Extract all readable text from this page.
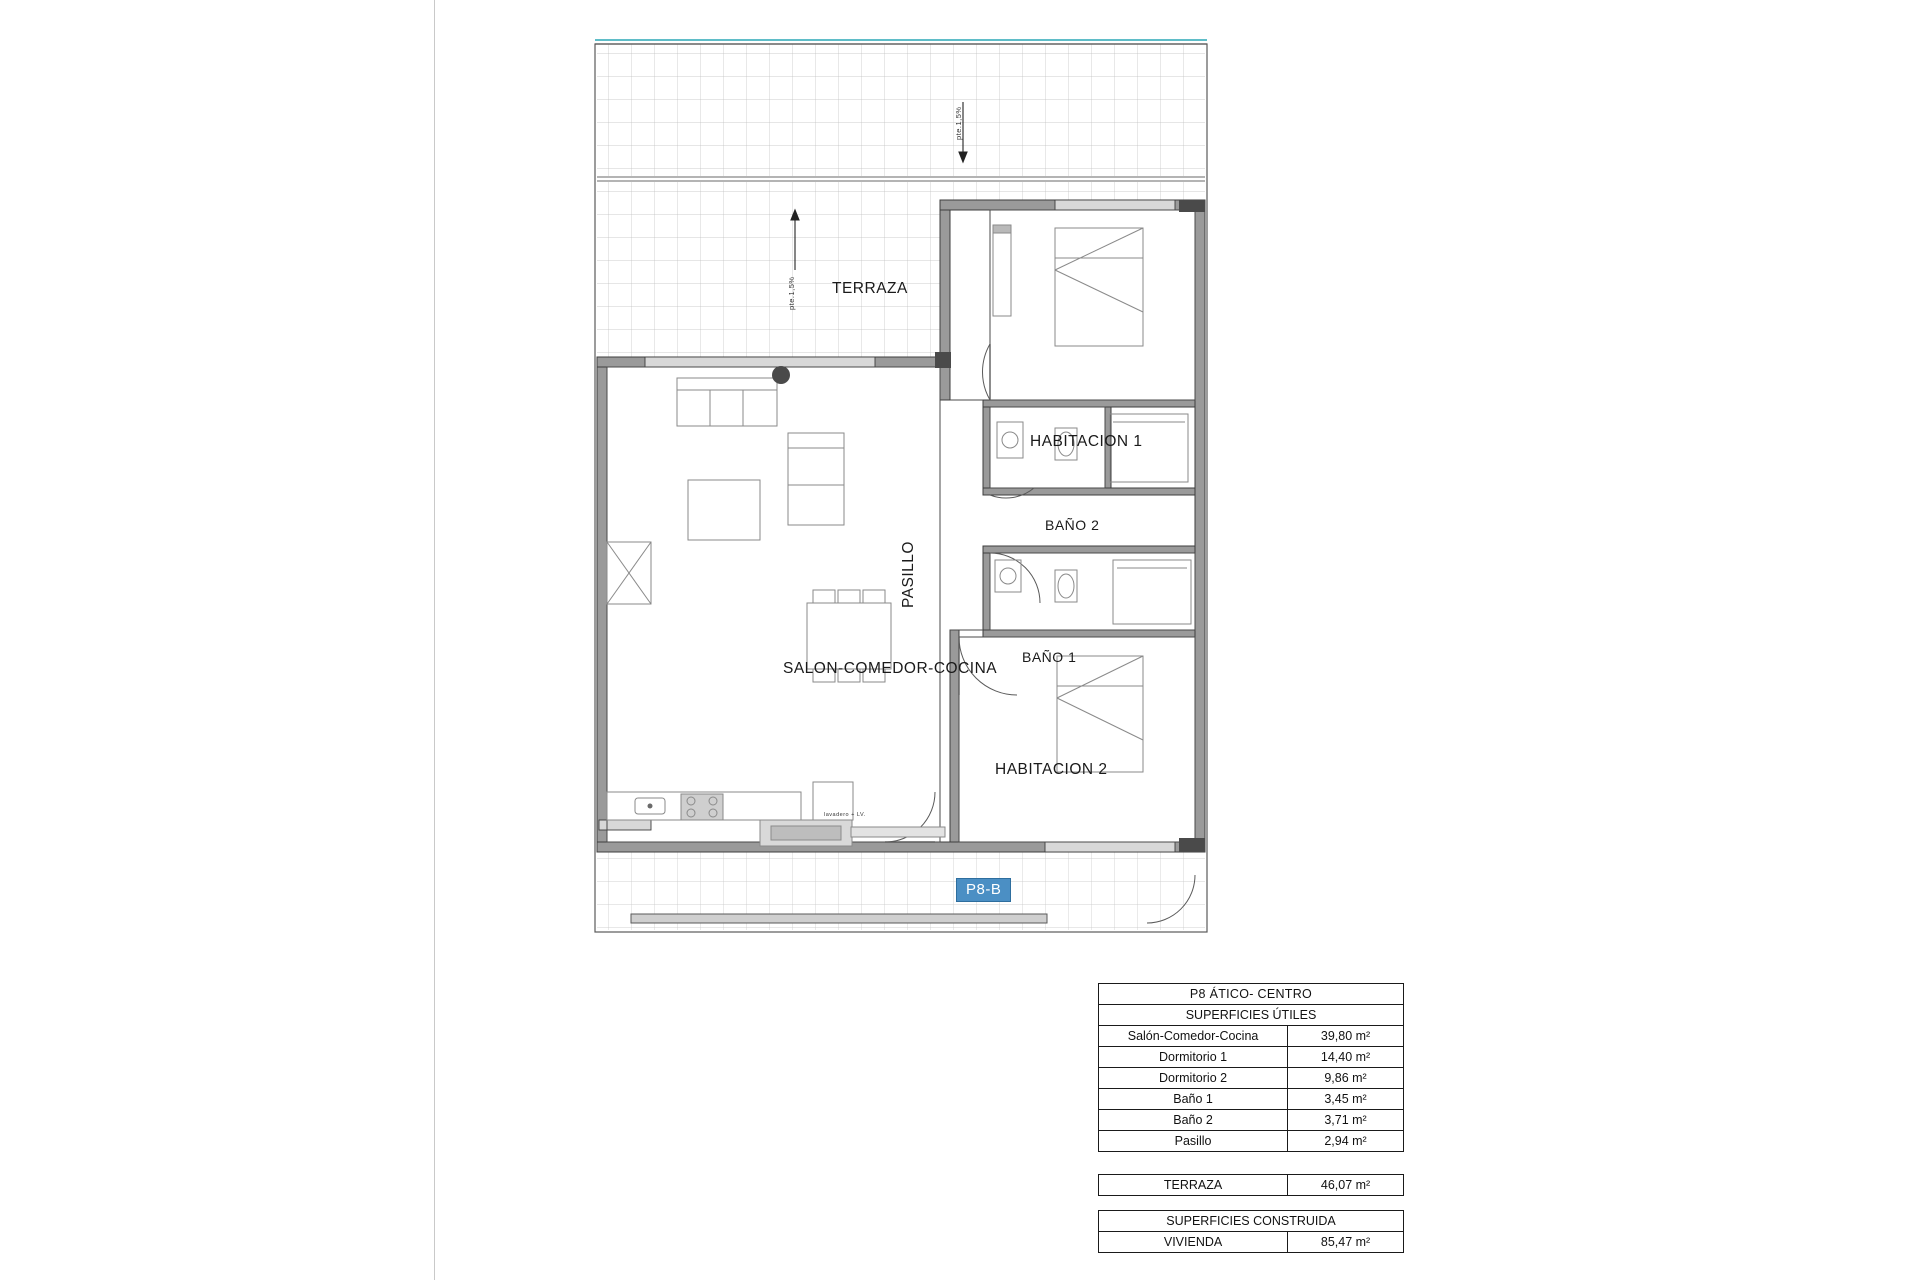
TERRAZA
SALON-COMEDOR-COCINA
HABITACION 1
HABITACION 2
BAÑO 1
BAÑO 2
PASILLO
pte.1,5%
pte.1,5%
lavadero + LV.
P8-B
P8 ÁTICO- CENTRO	
SUPERFICIES ÚTILES	
Salón-Comedor-Cocina	39,80 m²
Dormitorio 1	14,40 m²
Dormitorio 2	9,86 m²
Baño 1	3,45 m²
Baño 2	3,71 m²
Pasillo	2,94 m²
TERRAZA	46,07 m²
SUPERFICIES CONSTRUIDA
VIVIENDA	85,47 m²
